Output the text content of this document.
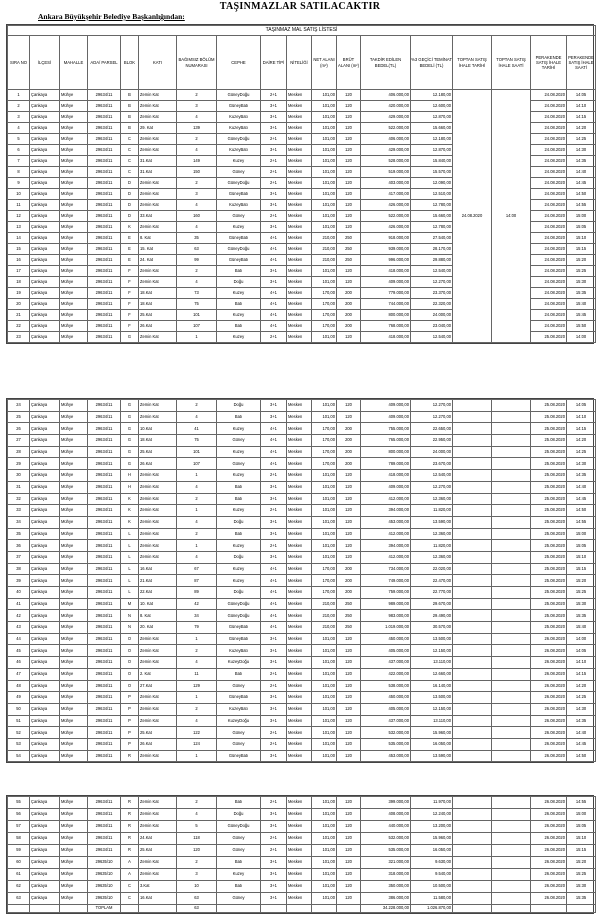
TAŞINMAZLAR SATILACAKTIR
Ankara Büyükşehir Belediye Başkanlığından:
TAŞINMAZ MAL SATIŞ LİSTESİ																	
SIRA NO	İLÇESİ	MAHALLE	ADA/ PARSEL	BLOK	KATI	BAĞIMSIZ BÖLÜM NUMARASI	CEPHE	DAİRE TİPİ	NİTELİĞİ	NET ALANI (m²)	BRÜT ALANI (m²)	TAKDİR EDİLEN BEDEL(TL)	%3 GEÇİCİ TEMİNAT BEDELİ (TL)	TOPTAN SATIŞ İHALE TARİHİ	TOPTAN SATIŞ İHALE SAATİ	PERAKENDE SATIŞ İHALE TARİHİ	PERAKENDE SATIŞ İHALE SAATİ
1	Çankaya	Mühye	29634/11	B	Zemin Kat	2	GüneyDoğu	2+1	Mesken	101,00	120	406.000,00	12.180,00	24.08.2020	14:00	24.08.2020	14:05
2	Çankaya	Mühye	29634/11	B	Zemin Kat	3	GüneyBatı	3+1	Mesken	101,00	120	420.000,00	12.600,00			24.08.2020	14:10
3	Çankaya	Mühye	29634/11	B	Zemin Kat	4	KuzeyBatı	3+1	Mesken	101,00	120	429.000,00	12.870,00			24.08.2020	14:15
4	Çankaya	Mühye	29634/11	B	29. Kat	139	KuzeyBatı	3+1	Mesken	101,00	120	522.000,00	15.660,00			24.08.2020	14:20
5	Çankaya	Mühye	29634/11	C	Zemin Kat	2	GüneyDoğu	2+1	Mesken	101,00	120	406.000,00	12.180,00			24.08.2020	14:25
6	Çankaya	Mühye	29634/11	C	Zemin Kat	4	KuzeyBatı	3+1	Mesken	101,00	120	429.000,00	12.870,00			24.08.2020	14:30
7	Çankaya	Mühye	29634/11	C	31.Kat	149	Kuzey	2+1	Mesken	101,00	120	528.000,00	15.840,00			24.08.2020	14:35
8	Çankaya	Mühye	29634/11	C	31.Kat	150	Güney	2+1	Mesken	101,00	120	519.000,00	15.570,00			24.08.2020	14:40
9	Çankaya	Mühye	29634/11	D	Zemin Kat	2	GüneyDoğu	2+1	Mesken	101,00	120	403.000,00	12.090,00			24.08.2020	14:45
10	Çankaya	Mühye	29634/11	D	Zemin Kat	3	GüneyBatı	3+1	Mesken	101,00	120	417.000,00	12.510,00			24.08.2020	14:50
11	Çankaya	Mühye	29634/11	D	Zemin Kat	4	KuzeyBatı	3+1	Mesken	101,00	120	426.000,00	12.780,00			24.08.2020	14:55
12	Çankaya	Mühye	29634/11	D	33.Kat	160	Güney	2+1	Mesken	101,00	120	522.000,00	15.660,00			24.08.2020	15:00
13	Çankaya	Mühye	29634/11	K	Zemin Kat	4	Kuzey	3+1	Mesken	101,00	120	426.000,00	12.780,00			24.08.2020	15:05
14	Çankaya	Mühye	29634/11	E	8. Kat	35	GüneyBatı	4+1	Mesken	210,00	250	918.000,00	27.540,00			24.08.2020	15:10
15	Çankaya	Mühye	29634/11	E	15. Kat	63	GüneyDoğu	4+1	Mesken	210,00	250	939.000,00	28.170,00			24.08.2020	15:15
16	Çankaya	Mühye	29634/11	E	24. Kat	99	GüneyBatı	4+1	Mesken	210,00	250	996.000,00	29.880,00			24.08.2020	15:20
17	Çankaya	Mühye	29634/11	F	Zemin Kat	2	Batı	3+1	Mesken	101,00	120	418.000,00	12.540,00			24.08.2020	15:25
18	Çankaya	Mühye	29634/11	F	Zemin Kat	4	Doğu	3+1	Mesken	101,00	120	409.000,00	12.270,00			24.08.2020	15:30
19	Çankaya	Mühye	29634/11	F	18.Kat	73	Kuzey	4+1	Mesken	170,00	200	779.000,00	23.370,00			24.08.2020	15:35
20	Çankaya	Mühye	29634/11	F	18.Kat	75	Batı	4+1	Mesken	170,00	200	744.000,00	22.320,00			24.08.2020	15:40
21	Çankaya	Mühye	29634/11	F	25.Kat	101	Kuzey	4+1	Mesken	170,00	200	800.000,00	24.000,00			24.08.2020	15:45
22	Çankaya	Mühye	29634/11	F	26.Kat	107	Batı	4+1	Mesken	170,00	200	768.000,00	23.040,00			24.08.2020	15:50
23	Çankaya	Mühye	29634/11	G	Zemin Kat	1	Kuzey	2+1	Mesken	101,00	120	418.000,00	12.540,00			25.08.2020	14:00
24	Çankaya	Mühye	29634/11	G	Zemin Kat	2	Doğu	3+1	Mesken	101,00	120	409.000,00	12.270,00			25.08.2020	14:05
25	Çankaya	Mühye	29634/11	G	Zemin Kat	4	Batı	3+1	Mesken	101,00	120	409.000,00	12.270,00			25.08.2020	14:10
26	Çankaya	Mühye	29634/11	G	10.Kat	41	Kuzey	4+1	Mesken	170,00	200	755.000,00	22.650,00			25.08.2020	14:15
27	Çankaya	Mühye	29634/11	G	18.Kat	75	Güney	4+1	Mesken	170,00	200	765.000,00	22.950,00			25.08.2020	14:20
28	Çankaya	Mühye	29634/11	G	25.Kat	101	Kuzey	4+1	Mesken	170,00	200	800.000,00	24.000,00			25.08.2020	14:25
29	Çankaya	Mühye	29634/11	G	26.Kat	107	Güney	4+1	Mesken	170,00	200	789.000,00	23.670,00			25.08.2020	14:30
30	Çankaya	Mühye	29634/11	H	Zemin Kat	1	Kuzey	2+1	Mesken	101,00	120	418.000,00	12.540,00			25.08.2020	14:35
31	Çankaya	Mühye	29634/11	H	Zemin Kat	4	Batı	3+1	Mesken	101,00	120	409.000,00	12.270,00			25.08.2020	14:40
32	Çankaya	Mühye	29634/11	K	Zemin Kat	2	Batı	3+1	Mesken	101,00	120	412.000,00	12.360,00			25.08.2020	14:45
33	Çankaya	Mühye	29634/11	K	Zemin Kat	1	Kuzey	2+1	Mesken	101,00	120	394.000,00	11.820,00			25.08.2020	14:50
34	Çankaya	Mühye	29634/11	K	Zemin Kat	4	Doğu	3+1	Mesken	101,00	120	453.000,00	13.590,00			25.08.2020	14:55
35	Çankaya	Mühye	29634/11	L	Zemin Kat	2	Batı	3+1	Mesken	101,00	120	412.000,00	12.360,00			25.08.2020	15:00
36	Çankaya	Mühye	29634/11	L	Zemin Kat	1	Kuzey	2+1	Mesken	101,00	120	394.000,00	11.820,00			25.08.2020	15:05
37	Çankaya	Mühye	29634/11	L	Zemin Kat	4	Doğu	3+1	Mesken	101,00	120	412.000,00	12.360,00			25.08.2020	15:10
38	Çankaya	Mühye	29634/11	L	16.Kat	67	Kuzey	4+1	Mesken	170,00	200	734.000,00	22.020,00			25.08.2020	15:15
39	Çankaya	Mühye	29634/11	L	21.Kat	87	Kuzey	4+1	Mesken	170,00	200	749.000,00	22.470,00			25.08.2020	15:20
40	Çankaya	Mühye	29634/11	L	22.Kat	89	Doğu	4+1	Mesken	170,00	200	759.000,00	22.770,00			25.08.2020	15:25
41	Çankaya	Mühye	29634/11	M	10. Kat	42	GüneyDoğu	4+1	Mesken	210,00	250	989.000,00	29.670,00			25.08.2020	15:30
42	Çankaya	Mühye	29634/11	N	8. Kat	34	GüneyDoğu	4+1	Mesken	210,00	250	983.000,00	29.490,00			25.08.2020	15:35
43	Çankaya	Mühye	29634/11	N	20. Kat	79	GüneyBatı	4+1	Mesken	210,00	250	1.019.000,00	30.570,00			25.08.2020	15:40
44	Çankaya	Mühye	29634/11	O	Zemin Kat	1	GüneyBatı	3+1	Mesken	101,00	120	450.000,00	13.500,00			26.08.2020	14:00
45	Çankaya	Mühye	29634/11	O	Zemin Kat	2	KuzeyBatı	3+1	Mesken	101,00	120	405.000,00	12.150,00			26.08.2020	14:05
46	Çankaya	Mühye	29634/11	O	Zemin Kat	4	KuzeyDoğu	3+1	Mesken	101,00	120	437.000,00	13.110,00			26.08.2020	14:10
47	Çankaya	Mühye	29634/11	O	2. Kat	11	Batı	2+1	Mesken	101,00	120	422.000,00	12.660,00			26.08.2020	14:15
48	Çankaya	Mühye	29634/11	O	27.Kat	129	Güney	2+1	Mesken	101,00	120	538.000,00	16.140,00			26.08.2020	14:20
49	Çankaya	Mühye	29634/11	P	Zemin Kat	1	GüneyBatı	3+1	Mesken	101,00	120	450.000,00	13.500,00			26.08.2020	14:25
50	Çankaya	Mühye	29634/11	P	Zemin Kat	2	KuzeyBatı	3+1	Mesken	101,00	120	405.000,00	12.150,00			26.08.2020	14:30
51	Çankaya	Mühye	29634/11	P	Zemin Kat	4	KuzeyDoğu	3+1	Mesken	101,00	120	437.000,00	13.110,00			26.08.2020	14:35
52	Çankaya	Mühye	29634/11	P	25.Kat	122	Güney	2+1	Mesken	101,00	120	532.000,00	15.960,00			26.08.2020	14:40
53	Çankaya	Mühye	29634/11	P	26.Kat	124	Güney	2+1	Mesken	101,00	120	535.000,00	16.050,00			26.08.2020	14:45
54	Çankaya	Mühye	29634/11	R	Zemin Kat	1	GüneyBatı	3+1	Mesken	101,00	120	453.000,00	13.590,00			26.08.2020	14:50
55	Çankaya	Mühye	29634/11	R	Zemin Kat	2	Batı	2+1	Mesken	101,00	120	399.000,00	11.970,00			26.08.2020	14:55
56	Çankaya	Mühye	29634/11	R	Zemin Kat	4	Doğu	3+1	Mesken	101,00	120	408.000,00	12.240,00			26.08.2020	15:00
57	Çankaya	Mühye	29634/11	R	Zemin Kat	5	GüneyDoğu	3+1	Mesken	101,00	120	440.000,00	13.200,00			26.08.2020	15:05
58	Çankaya	Mühye	29634/11	R	24.Kat	118	Güney	2+1	Mesken	101,00	120	532.000,00	15.960,00			26.08.2020	15:10
59	Çankaya	Mühye	29634/11	R	25.Kat	120	Güney	2+1	Mesken	101,00	120	535.000,00	16.050,00			26.08.2020	15:15
60	Çankaya	Mühye	29635/10	A	Zemin Kat	2	Batı	3+1	Mesken	101,00	120	321.000,00	9.630,00			26.08.2020	15:20
61	Çankaya	Mühye	29635/10	A	Zemin Kat	3	Kuzey	3+1	Mesken	101,00	120	318.000,00	9.540,00			26.08.2020	15:25
62	Çankaya	Mühye	29635/10	C	3.Kat	10	Batı	3+1	Mesken	101,00	120	350.000,00	10.500,00			26.08.2020	15:30
63	Çankaya	Mühye	29635/10	C	16.Kat	63	Güney	3+1	Mesken	101,00	120	386.000,00	11.580,00			26.08.2020	15:35
			TOPLAM			63						34.228.000,00	1.026.870,00				
